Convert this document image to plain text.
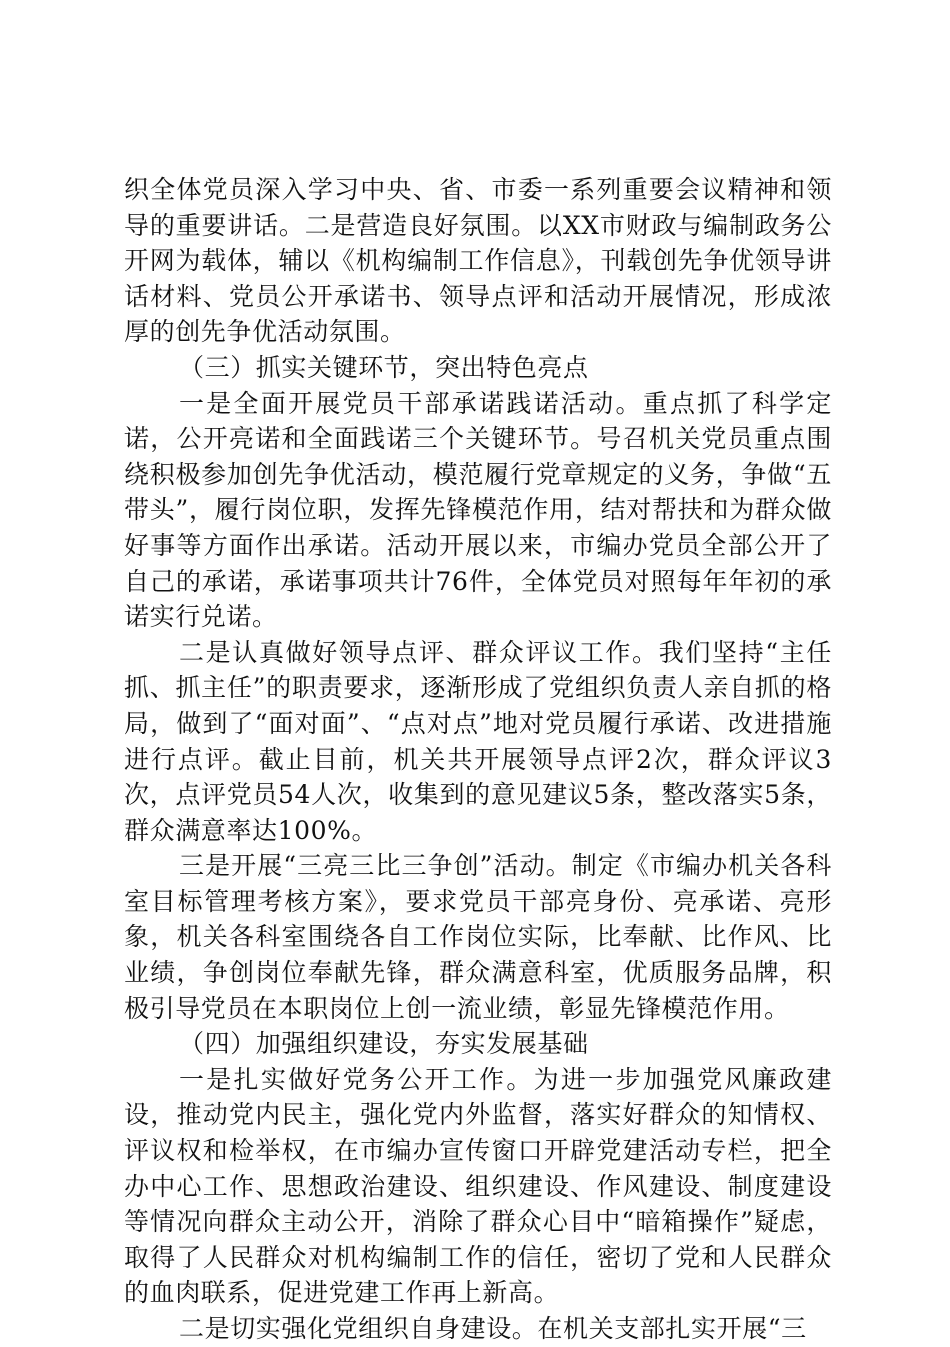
织全体党员深入学习中央、省、市委一系列重要会议精神和领导的重要讲话。二是营造良好氛围。以XX市财政与编制政务公开网为载体，辅以《机构编制工作信息》，刊载创先争优领导讲话材料、党员公开承诺书、领导点评和活动开展情况，形成浓厚的创先争优活动氛围。

（三）抓实关键环节，突出特色亮点

一是全面开展党员干部承诺践诺活动。重点抓了科学定诺，公开亮诺和全面践诺三个关键环节。号召机关党员重点围绕积极参加创先争优活动，模范履行党章规定的义务，争做“五带头”，履行岗位职，发挥先锋模范作用，结对帮扶和为群众做好事等方面作出承诺。活动开展以来，市编办党员全部公开了自己的承诺，承诺事项共计76件，全体党员对照每年年初的承诺实行兑诺。

二是认真做好领导点评、群众评议工作。我们坚持“主任抓、抓主任”的职责要求，逐渐形成了党组织负责人亲自抓的格局，做到了“面对面”、“点对点”地对党员履行承诺、改进措施进行点评。截止目前，机关共开展领导点评2次，群众评议3次，点评党员54人次，收集到的意见建议5条，整改落实5条，群众满意率达100%。

三是开展“三亮三比三争创”活动。制定《市编办机关各科室目标管理考核方案》，要求党员干部亮身份、亮承诺、亮形象，机关各科室围绕各自工作岗位实际，比奉献、比作风、比业绩，争创岗位奉献先锋，群众满意科室，优质服务品牌，积极引导党员在本职岗位上创一流业绩，彰显先锋模范作用。

（四）加强组织建设，夯实发展基础

一是扎实做好党务公开工作。为进一步加强党风廉政建设，推动党内民主，强化党内外监督，落实好群众的知情权、评议权和检举权，在市编办宣传窗口开辟党建活动专栏，把全办中心工作、思想政治建设、组织建设、作风建设、制度建设等情况向群众主动公开，消除了群众心目中“暗箱操作”疑虑，取得了人民群众对机构编制工作的信任，密切了党和人民群众的血肉联系，促进党建工作再上新高。

二是切实强化党组织自身建设。在机关支部扎实开展“三
